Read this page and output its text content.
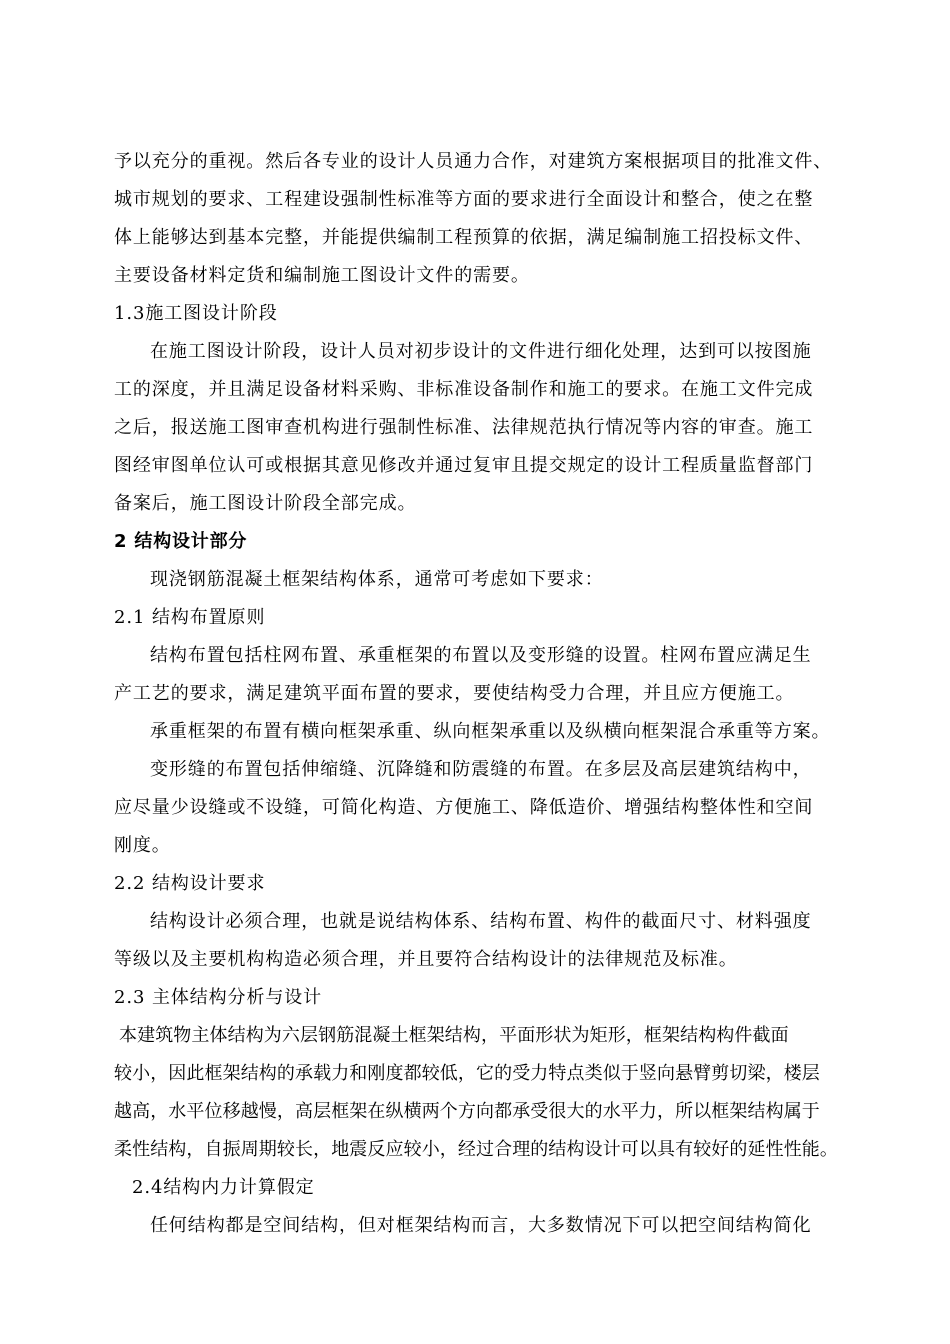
予以充分的重视。然后各专业的设计人员通力合作，对建筑方案根据项目的批准文件、
城市规划的要求、工程建设强制性标准等方面的要求进行全面设计和整合，使之在整
体上能够达到基本完整，并能提供编制工程预算的依据，满足编制施工招投标文件、
主要设备材料定货和编制施工图设计文件的需要。
1.3施工图设计阶段
在施工图设计阶段，设计人员对初步设计的文件进行细化处理，达到可以按图施
工的深度，并且满足设备材料采购、非标准设备制作和施工的要求。在施工文件完成
之后，报送施工图审查机构进行强制性标准、法律规范执行情况等内容的审查。施工
图经审图单位认可或根据其意见修改并通过复审且提交规定的设计工程质量监督部门
备案后，施工图设计阶段全部完成。
2 结构设计部分
现浇钢筋混凝土框架结构体系，通常可考虑如下要求：
2.1 结构布置原则
结构布置包括柱网布置、承重框架的布置以及变形缝的设置。柱网布置应满足生
产工艺的要求，满足建筑平面布置的要求，要使结构受力合理，并且应方便施工。
承重框架的布置有横向框架承重、纵向框架承重以及纵横向框架混合承重等方案。
变形缝的布置包括伸缩缝、沉降缝和防震缝的布置。在多层及高层建筑结构中，
应尽量少设缝或不设缝，可简化构造、方便施工、降低造价、增强结构整体性和空间
刚度。
2.2 结构设计要求
结构设计必须合理，也就是说结构体系、结构布置、构件的截面尺寸、材料强度
等级以及主要机构构造必须合理，并且要符合结构设计的法律规范及标准。
2.3 主体结构分析与设计
本建筑物主体结构为六层钢筋混凝土框架结构，平面形状为矩形，框架结构构件截面
较小，因此框架结构的承载力和刚度都较低，它的受力特点类似于竖向悬臂剪切梁，楼层
越高，水平位移越慢，高层框架在纵横两个方向都承受很大的水平力，所以框架结构属于
柔性结构，自振周期较长，地震反应较小，经过合理的结构设计可以具有较好的延性性能。
2.4结构内力计算假定
任何结构都是空间结构，但对框架结构而言，大多数情况下可以把空间结构简化
